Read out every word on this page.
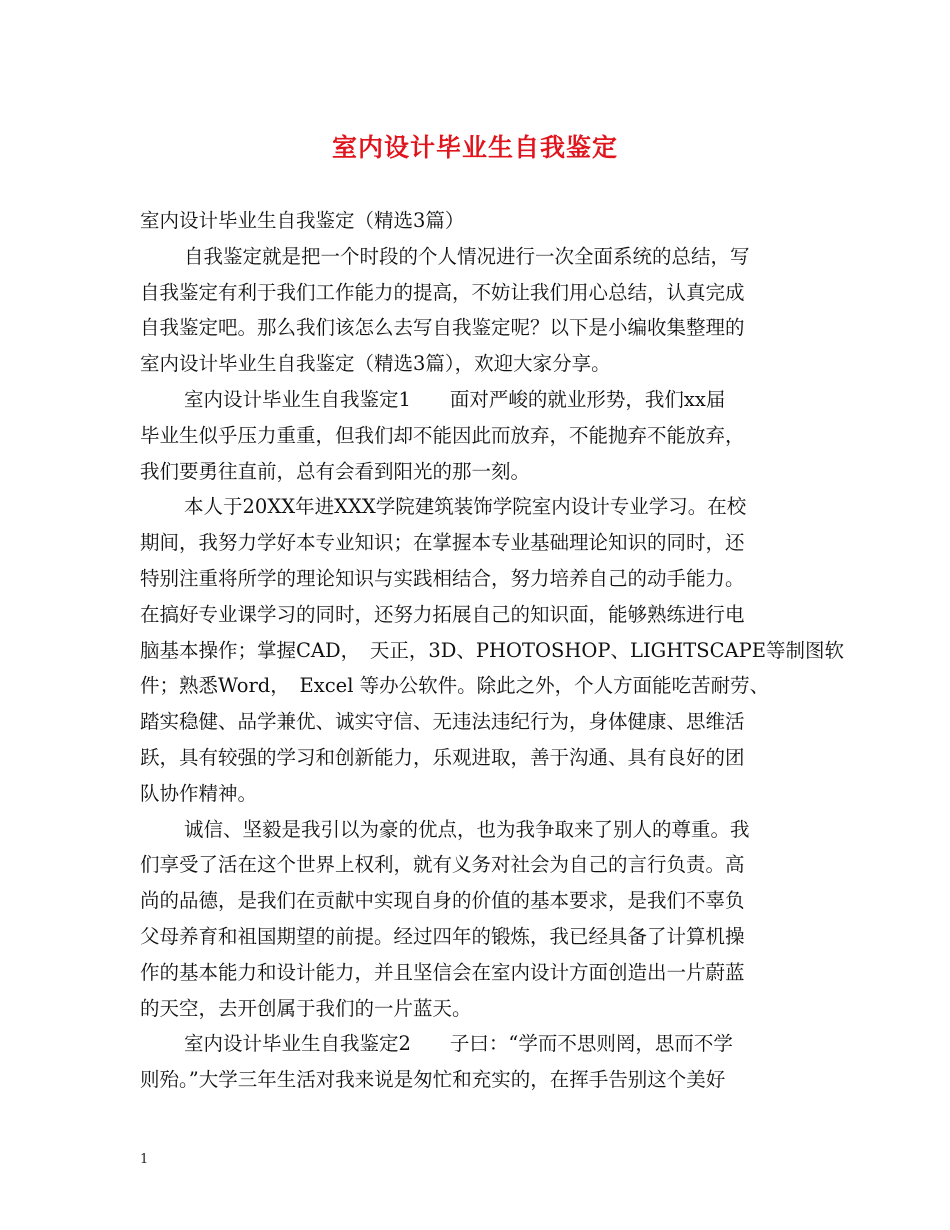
室内设计毕业生自我鉴定
室内设计毕业生自我鉴定（精选3篇）
自我鉴定就是把一个时段的个人情况进行一次全面系统的总结，写
自我鉴定有利于我们工作能力的提高，不妨让我们用心总结，认真完成
自我鉴定吧。那么我们该怎么去写自我鉴定呢？以下是小编收集整理的
室内设计毕业生自我鉴定（精选3篇），欢迎大家分享。
室内设计毕业生自我鉴定1　　面对严峻的就业形势，我们xx届
毕业生似乎压力重重，但我们却不能因此而放弃，不能抛弃不能放弃，
我们要勇往直前，总有会看到阳光的那一刻。
本人于20XX年进XXX学院建筑装饰学院室内设计专业学习。在校
期间，我努力学好本专业知识；在掌握本专业基础理论知识的同时，还
特别注重将所学的理论知识与实践相结合，努力培养自己的动手能力。
在搞好专业课学习的同时，还努力拓展自己的知识面，能够熟练进行电
脑基本操作；掌握CAD，　天正，3D、PHOTOSHOP、LIGHTSCAPE等制图软
件；熟悉Word，　Excel 等办公软件。除此之外，个人方面能吃苦耐劳、
踏实稳健、品学兼优、诚实守信、无违法违纪行为，身体健康、思维活
跃，具有较强的学习和创新能力，乐观进取，善于沟通、具有良好的团
队协作精神。
诚信、坚毅是我引以为豪的优点，也为我争取来了别人的尊重。我
们享受了活在这个世界上权利，就有义务对社会为自己的言行负责。高
尚的品德，是我们在贡献中实现自身的价值的基本要求，是我们不辜负
父母养育和祖国期望的前提。经过四年的锻炼，我已经具备了计算机操
作的基本能力和设计能力，并且坚信会在室内设计方面创造出一片蔚蓝
的天空，去开创属于我们的一片蓝天。
室内设计毕业生自我鉴定2　　子曰：“学而不思则罔，思而不学
则殆。”大学三年生活对我来说是匆忙和充实的，在挥手告别这个美好
1
